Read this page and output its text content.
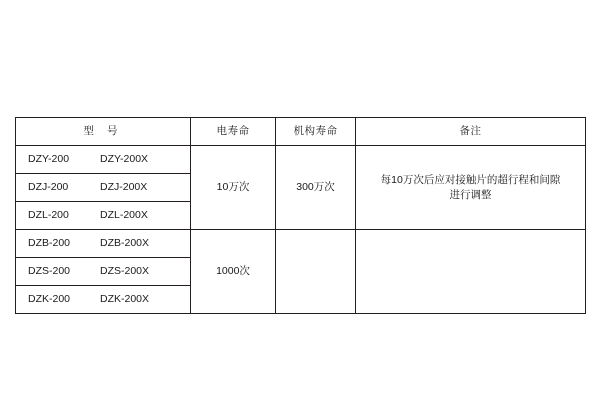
型 号	电寿命	机构寿命	备注
DZY-200 DZY-200X	10万次	300万次	每10万次后应对接触片的超行程和间隙
进行调整

DZJ-200 DZJ-200X			
DZL-200 DZL-200X			
DZB-200 DZB-200X	1000次		
DZS-200 DZS-200X			
DZK-200 DZK-200X			
